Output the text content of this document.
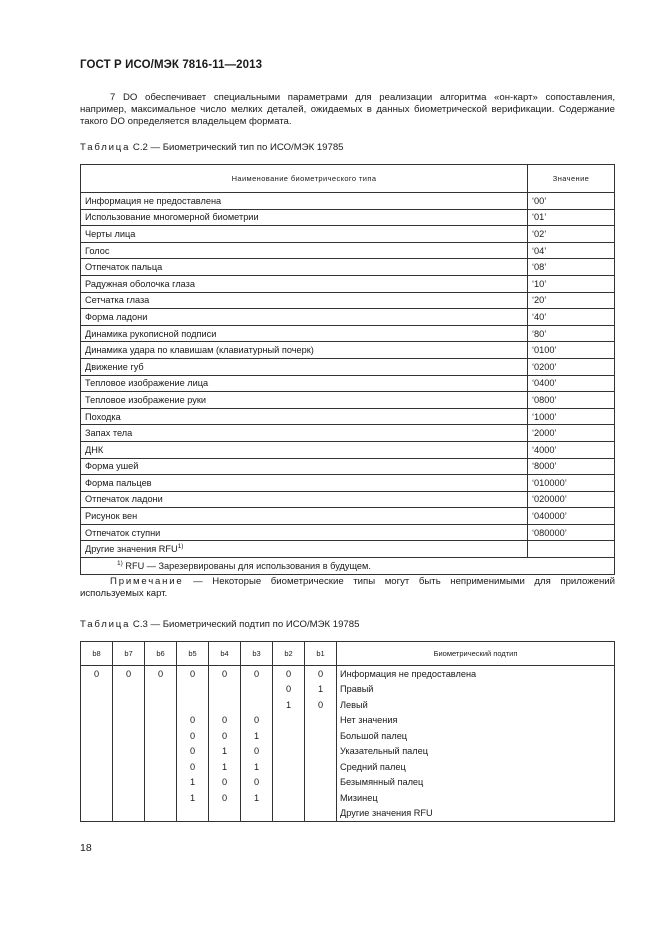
ГОСТ Р ИСО/МЭК 7816-11—2013
7 DO обеспечивает специальными параметрами для реализации алгоритма «он-карт» сопоставления, например, максимальное число мелких деталей, ожидаемых в данных биометрической верификации. Содержание такого DO определяется владельцем формата.
Таблица С.2 — Биометрический тип по ИСО/МЭК 19785
Наименование биометрического типа	Значение
Информация не предоставлена	‘00’
Использование многомерной биометрии	‘01’
Черты лица	‘02’
Голос	‘04’
Отпечаток пальца	‘08’
Радужная оболочка глаза	‘10’
Сетчатка глаза	‘20’
Форма ладони	‘40’
Динамика рукописной подписи	‘80’
Динамика удара по клавишам (клавиатурный почерк)	‘0100’
Движение губ	‘0200’
Тепловое изображение лица	‘0400’
Тепловое изображение руки	‘0800’
Походка	‘1000’
Запах тела	‘2000’
ДНК	‘4000’
Форма ушей	‘8000’
Форма пальцев	‘010000’
Отпечаток ладони	‘020000’
Рисунок вен	‘040000’
Отпечаток ступни	‘080000’
Другие значения RFU$^{1)}$	
$^{1)}$ RFU — Зарезервированы для использования в будущем.	
Примечание — Некоторые биометрические типы могут быть неприменимыми для приложений используемых карт.
Таблица С.3 — Биометрический подтип по ИСО/МЭК 19785
b8	b7	b6	b5	b4	b3	b2	b1	Биометрический подтип
0	0	0	0	0	0	0	0	Информация не предоставлена
						0	1	Правый
						1	0	Левый
			0	0	0			Нет значения
			0	0	1			Большой палец
			0	1	0			Указательный палец
			0	1	1			Средний палец
			1	0	0			Безымянный палец
			1	0	1			Мизинец
								Другие значения RFU
18
